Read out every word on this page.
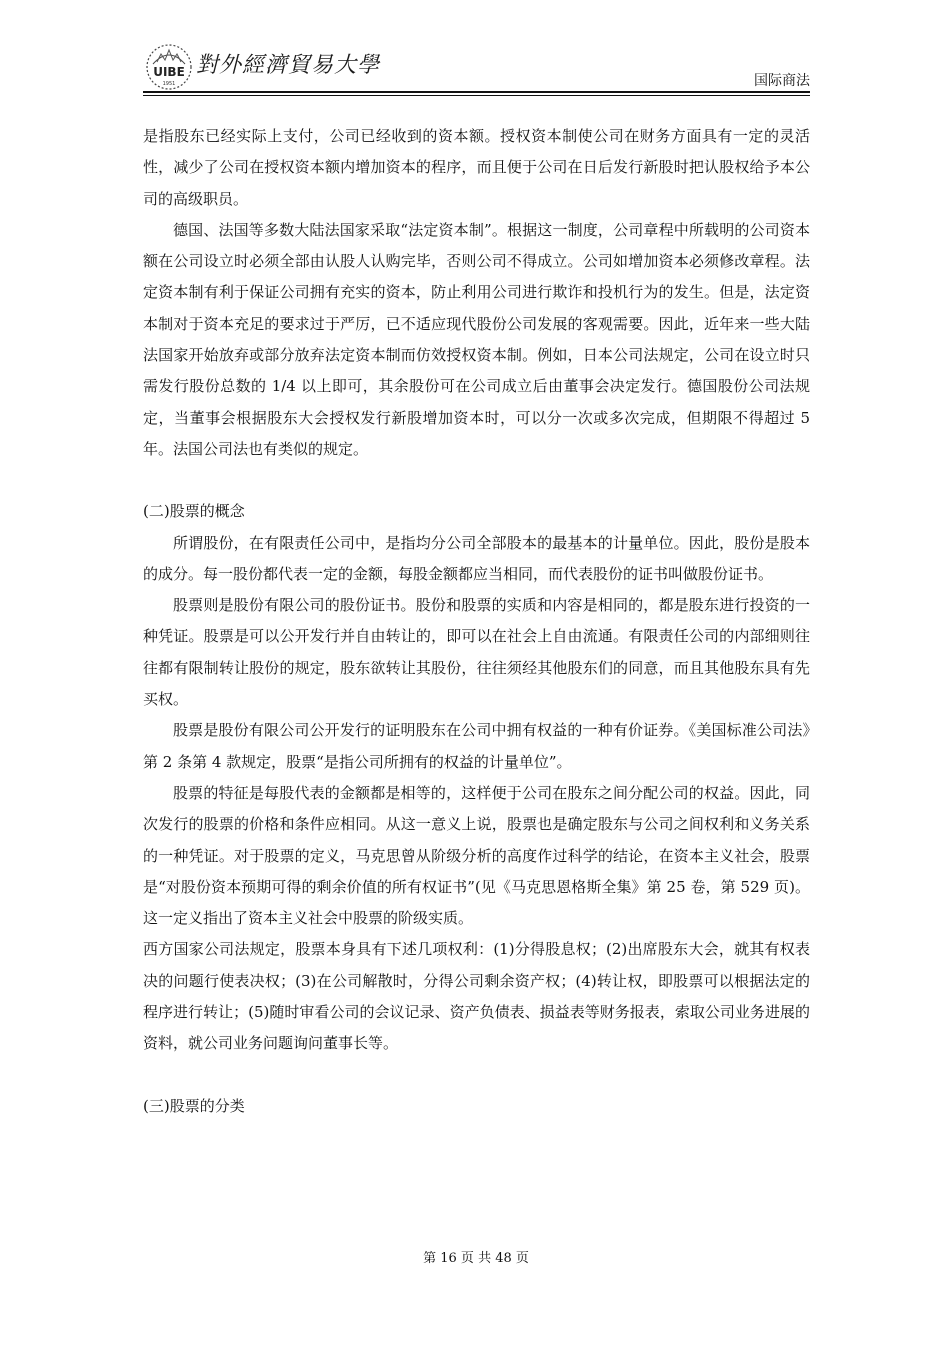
UIBE
1951
對外經濟貿易大學
国际商法

是指股东已经实际上支付，公司已经收到的资本额。授权资本制使公司在财务方面具有一定的灵活性，减少了公司在授权资本额内增加资本的程序，而且便于公司在日后发行新股时把认股权给予本公司的高级职员。

德国、法国等多数大陆法国家采取“法定资本制”。根据这一制度，公司章程中所载明的公司资本额在公司设立时必须全部由认股人认购完毕，否则公司不得成立。公司如增加资本必须修改章程。法定资本制有利于保证公司拥有充实的资本，防止利用公司进行欺诈和投机行为的发生。但是，法定资本制对于资本充足的要求过于严厉，已不适应现代股份公司发展的客观需要。因此，近年来一些大陆法国家开始放弃或部分放弃法定资本制而仿效授权资本制。例如，日本公司法规定，公司在设立时只需发行股份总数的 1/4 以上即可，其余股份可在公司成立后由董事会决定发行。德国股份公司法规定，当董事会根据股东大会授权发行新股增加资本时，可以分一次或多次完成，但期限不得超过 5 年。法国公司法也有类似的规定。

(二)股票的概念

所谓股份，在有限责任公司中，是指均分公司全部股本的最基本的计量单位。因此，股份是股本的成分。每一股份都代表一定的金额，每股金额都应当相同，而代表股份的证书叫做股份证书。

股票则是股份有限公司的股份证书。股份和股票的实质和内容是相同的，都是股东进行投资的一种凭证。股票是可以公开发行并自由转让的，即可以在社会上自由流通。有限责任公司的内部细则往往都有限制转让股份的规定，股东欲转让其股份，往往须经其他股东们的同意，而且其他股东具有先买权。

股票是股份有限公司公开发行的证明股东在公司中拥有权益的一种有价证券。《美国标准公司法》第 2 条第 4 款规定，股票“是指公司所拥有的权益的计量单位”。

股票的特征是每股代表的金额都是相等的，这样便于公司在股东之间分配公司的权益。因此，同次发行的股票的价格和条件应相同。从这一意义上说，股票也是确定股东与公司之间权利和义务关系的一种凭证。对于股票的定义，马克思曾从阶级分析的高度作过科学的结论，在资本主义社会，股票是“对股份资本预期可得的剩余价值的所有权证书”(见《马克思恩格斯全集》第 25 卷，第 529 页)。这一定义指出了资本主义社会中股票的阶级实质。

西方国家公司法规定，股票本身具有下述几项权利：(1)分得股息权；(2)出席股东大会，就其有权表决的问题行使表决权；(3)在公司解散时，分得公司剩余资产权；(4)转让权，即股票可以根据法定的程序进行转让；(5)随时审看公司的会议记录、资产负债表、损益表等财务报表，索取公司业务进展的资料，就公司业务问题询问董事长等。

(三)股票的分类

第 16 页 共 48 页
